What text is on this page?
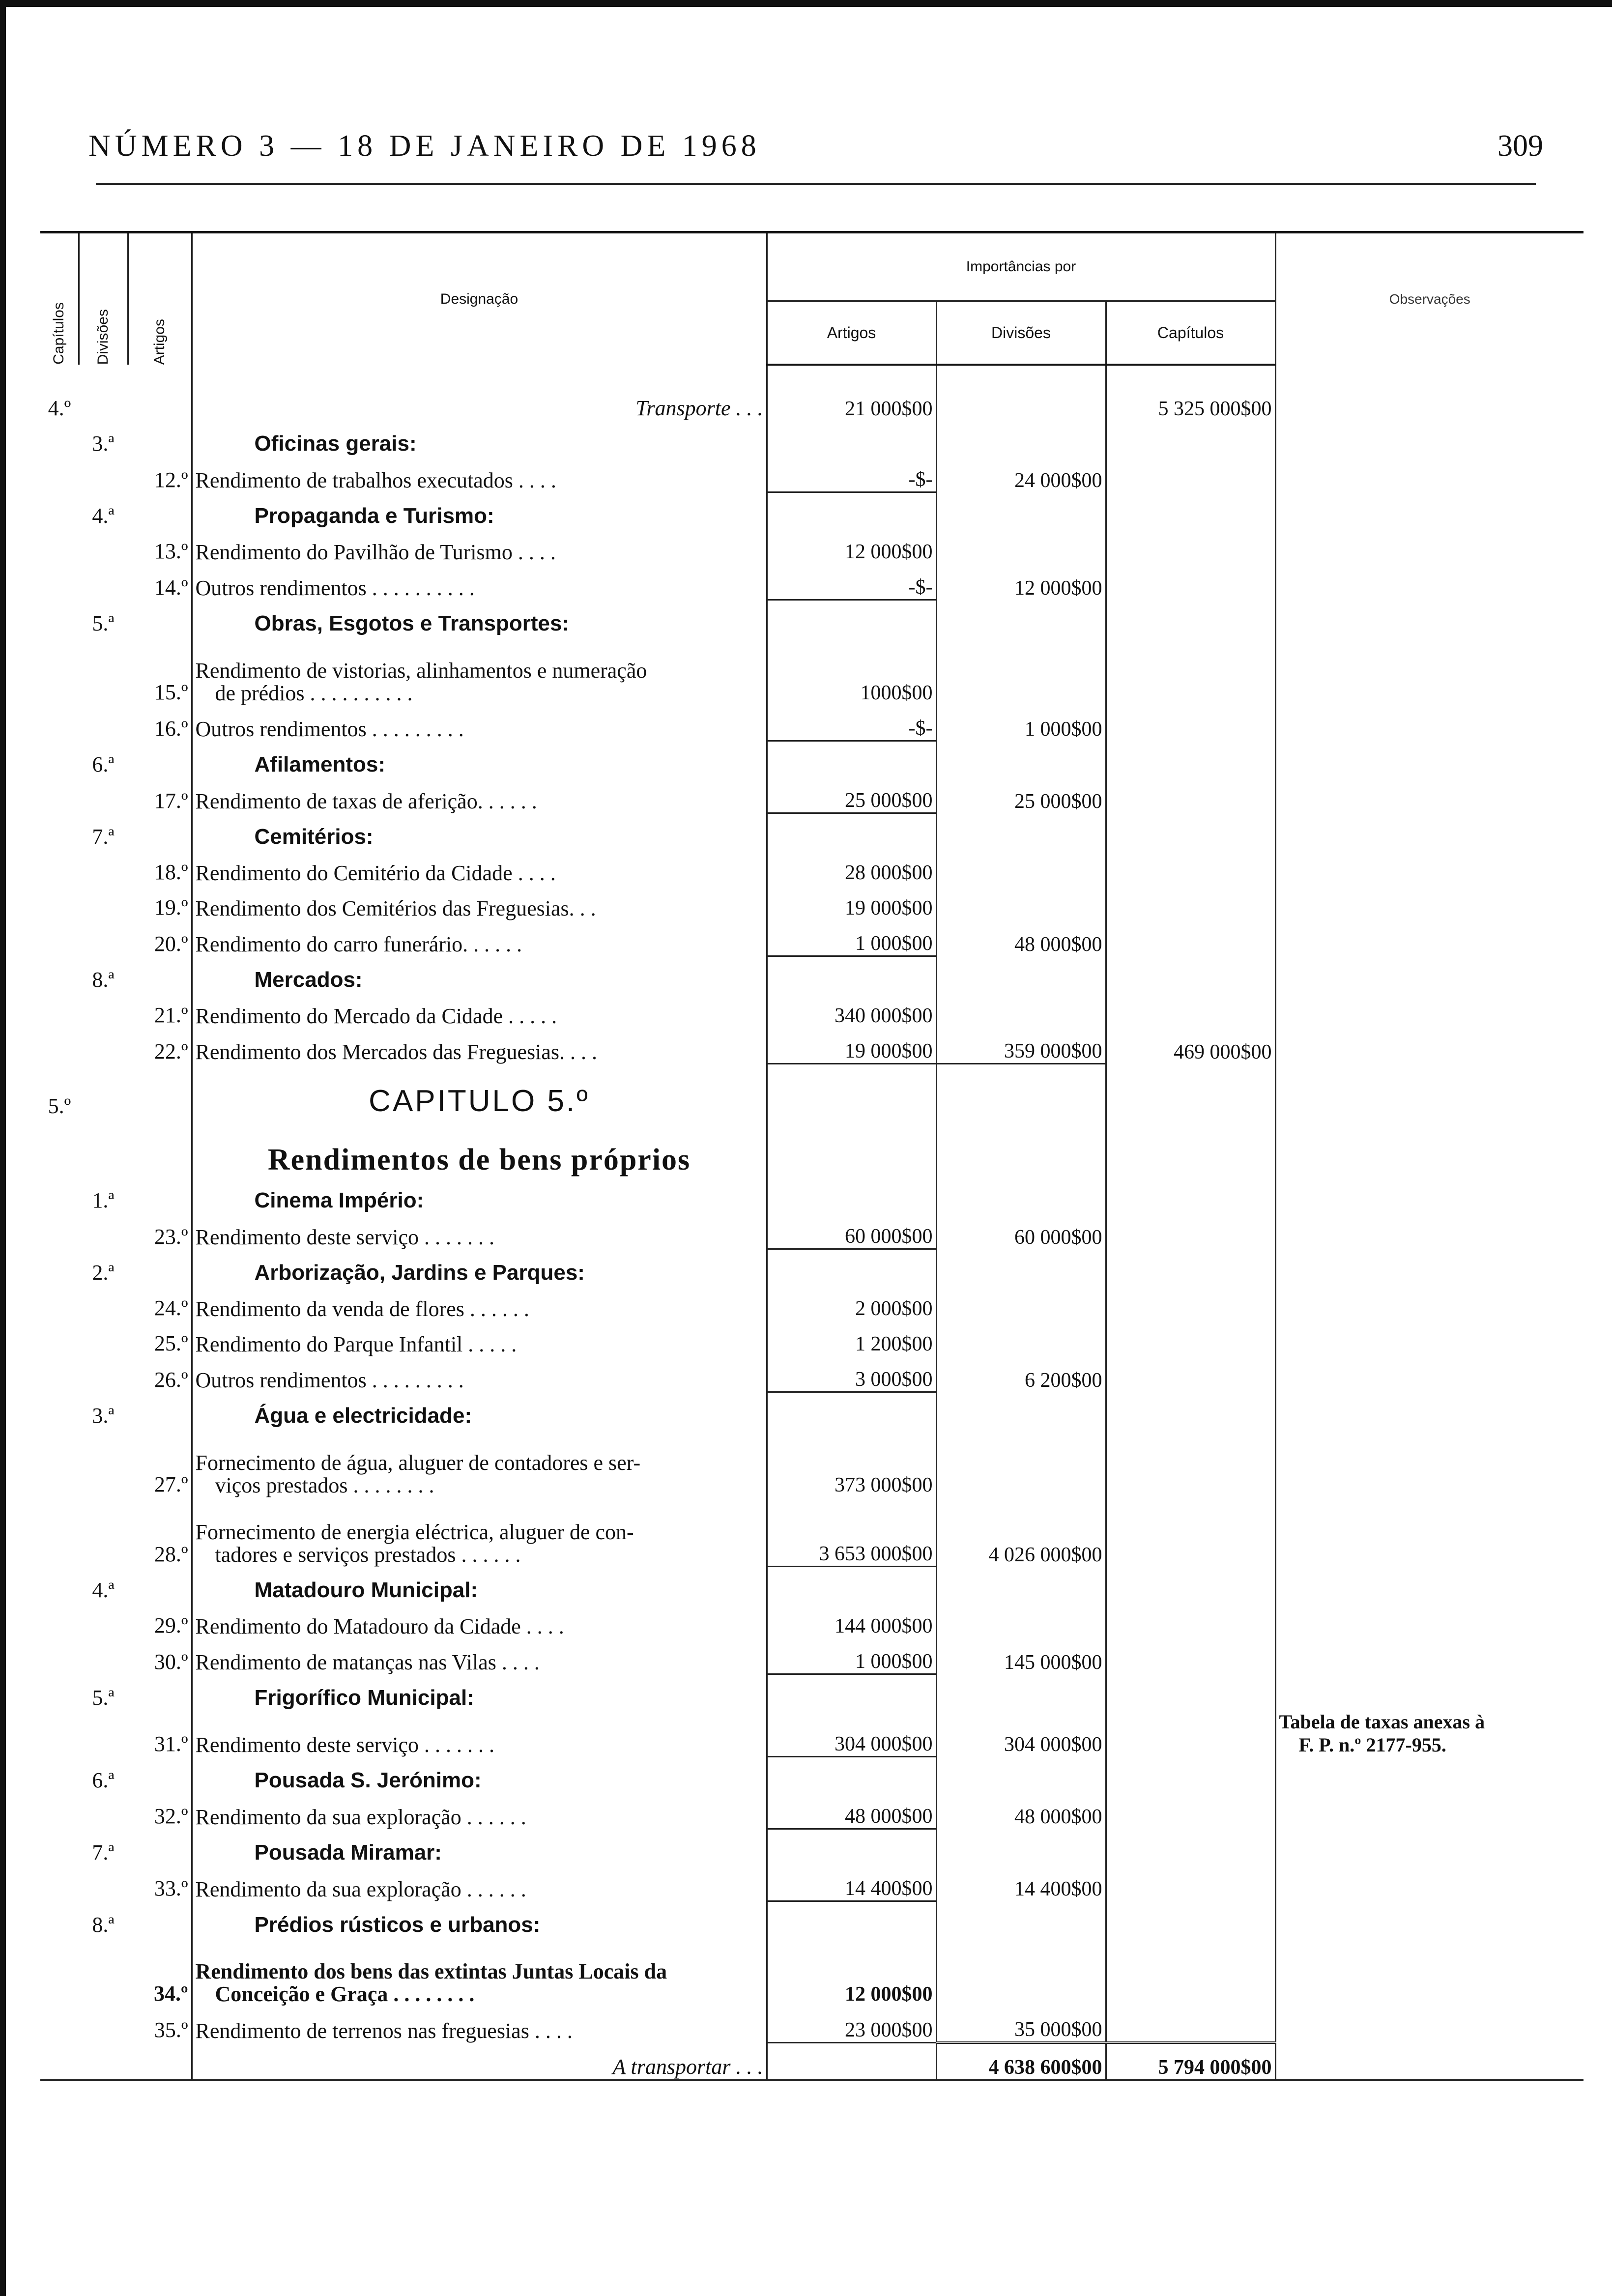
NÚMERO 3 — 18 DE JANEIRO DE 1968	309
Capítulos	Divisões	Artigos	Designação	Importâncias por			Observações
				Artigos	Divisões	Capítulos	
4.º			Transporte . . .	21 000$00		5 325 000$00	
	3.ª		Oficinas gerais:				

		12.º	Rendimento de trabalhos executados . . . .	-$-	24 000$00		
	4.ª		Propaganda e Turismo:				

		13.º	Rendimento do Pavilhão de Turismo . . . .	12 000$00			
		14.º	Outros rendimentos . . . . . . . . . .	-$-	12 000$00		
	5.ª		Obras, Esgotos e Transportes:				

		15.º	Rendimento de vistorias, alinhamentos e numeração
de prédios . . . . . . . . . .	1000$00			
		16.º	Outros rendimentos . . . . . . . . .	-$-	1 000$00		
	6.ª		Afilamentos:				

		17.º	Rendimento de taxas de aferição. . . . . .	25 000$00	25 000$00		
	7.ª		Cemitérios:				

		18.º	Rendimento do Cemitério da Cidade . . . .	28 000$00			
		19.º	Rendimento dos Cemitérios das Freguesias. . .	19 000$00			
		20.º	Rendimento do carro funerário. . . . . .	1 000$00	48 000$00		
	8.ª		Mercados:				

		21.º	Rendimento do Mercado da Cidade . . . . .	340 000$00			
		22.º	Rendimento dos Mercados das Freguesias. . . .	19 000$00	359 000$00	469 000$00	
5.º			CAPITULO 5.º				

			Rendimentos de bens próprios				

	1.ª		Cinema Império:				

		23.º	Rendimento deste serviço . . . . . . .	60 000$00	60 000$00		
	2.ª		Arborização, Jardins e Parques:				

		24.º	Rendimento da venda de flores . . . . . .	2 000$00			
		25.º	Rendimento do Parque Infantil . . . . .	1 200$00			
		26.º	Outros rendimentos . . . . . . . . .	3 000$00	6 200$00		
	3.ª		Água e electricidade:				

		27.º	Fornecimento de água, aluguer de contadores e ser-
viços prestados . . . . . . . .	373 000$00			
		28.º	Fornecimento de energia eléctrica, aluguer de con-
tadores e serviços prestados . . . . . .	3 653 000$00	4 026 000$00		
	4.ª		Matadouro Municipal:				

		29.º	Rendimento do Matadouro da Cidade . . . .	144 000$00			
		30.º	Rendimento de matanças nas Vilas . . . .	1 000$00	145 000$00		
	5.ª		Frigorífico Municipal:				

		31.º	Rendimento deste serviço . . . . . . .	304 000$00	304 000$00		Tabela de taxas anexas à
F. P. n.º 2177-955.

	6.ª		Pousada S. Jerónimo:				

		32.º	Rendimento da sua exploração . . . . . .	48 000$00	48 000$00		
	7.ª		Pousada Miramar:				

		33.º	Rendimento da sua exploração . . . . . .	14 400$00	14 400$00		
	8.ª		Prédios rústicos e urbanos:				

		34.º	Rendimento dos bens das extintas Juntas Locais da
Conceição e Graça . . . . . . . .	12 000$00			
		35.º	Rendimento de terrenos nas freguesias . . . .	23 000$00	35 000$00		

			A transportar . . .		4 638 600$00	5 794 000$00	
